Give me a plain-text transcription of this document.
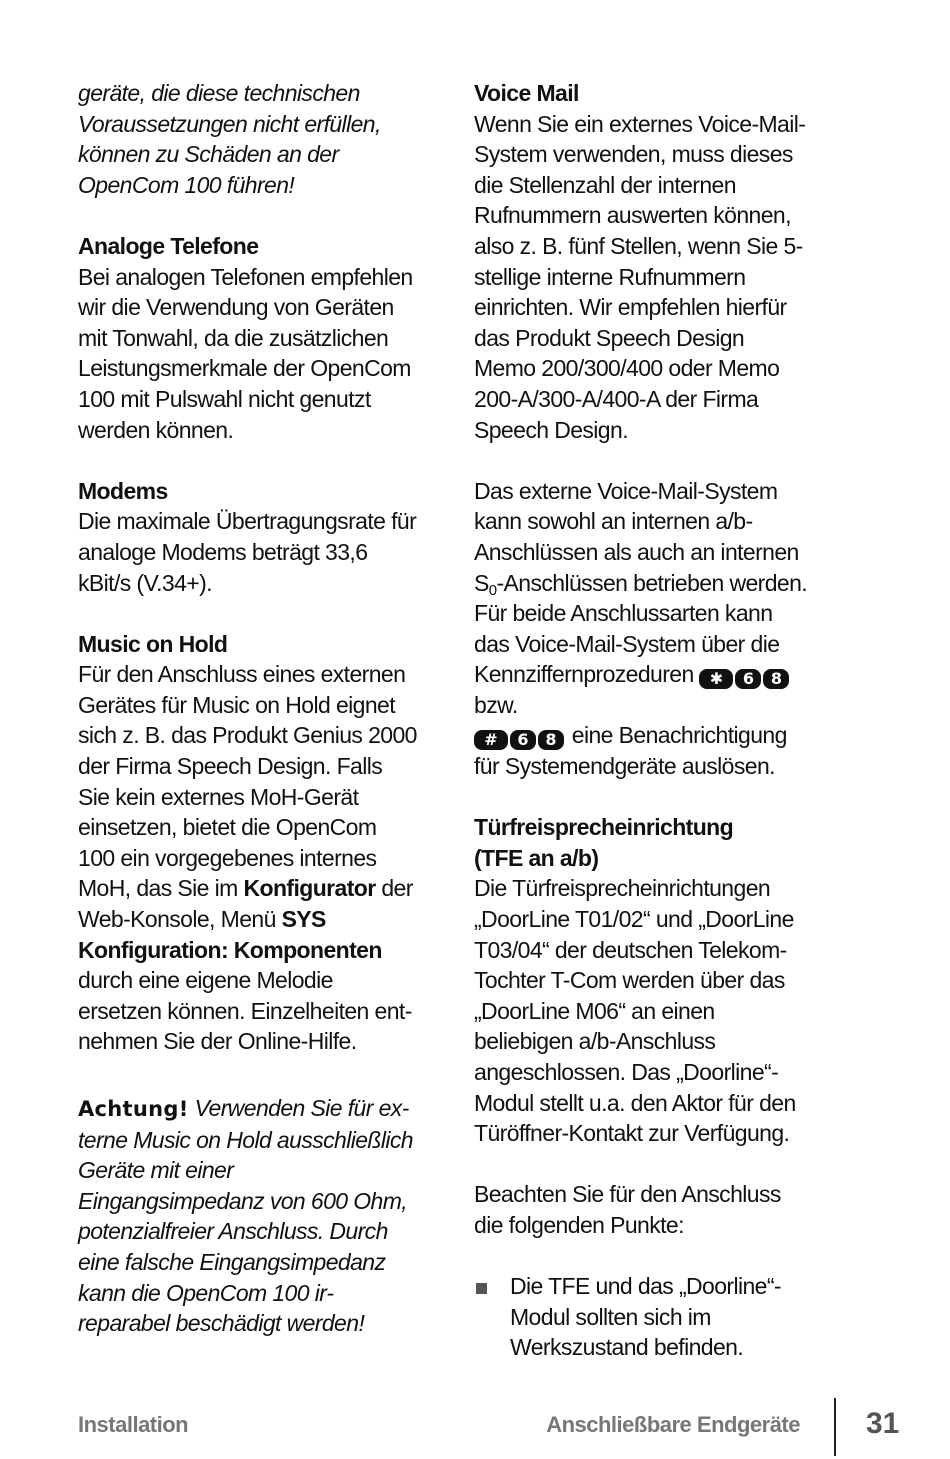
geräte, die diese technischen Voraussetzungen nicht erfüllen, können zu Schäden an der OpenCom 100 führen!

Analoge Telefone

Bei analogen Telefonen empfehlen wir die Verwendung von Geräten mit Tonwahl, da die zusätzlichen Leistungsmerkmale der OpenCom 100 mit Pulswahl nicht genutzt werden können.

Modems

Die maximale Übertragungsrate für analoge Modems beträgt 33,6 kBit/s (V.34+).

Music on Hold

Für den Anschluss eines externen Gerätes für Music on Hold eignet sich z. B. das Produkt Genius 2000 der Firma Speech Design. Falls Sie kein externes MoH-Gerät einsetzen, bietet die OpenCom 100 ein vorgegebenes internes MoH, das Sie im Konfigurator der Web-Konsole, Menü SYS Konfiguration: Komponenten durch eine eigene Melodie ersetzen können. Einzelheiten entnehmen Sie der Online-Hilfe.

Achtung! Verwenden Sie für externe Music on Hold ausschließlich Geräte mit einer Eingangsimpedanz von 600 Ohm, potenzialfreier Anschluss. Durch eine falsche Eingangsimpedanz kann die OpenCom 100 irreparabel beschädigt werden!

Voice Mail

Wenn Sie ein externes Voice-Mail-System verwenden, muss dieses die Stellenzahl der internen Rufnummern auswerten können, also z. B. fünf Stellen, wenn Sie 5-stellige interne Rufnummern einrichten. Wir empfehlen hierfür das Produkt Speech Design Memo 200/300/400 oder Memo 200-A/300-A/400-A der Firma Speech Design.

Das externe Voice-Mail-System kann sowohl an internen a/b-Anschlüssen als auch an internen $S_0$-Anschlüssen betrieben werden. Für beide Anschlussarten kann das Voice-Mail-System über die Kennziffernprozeduren ✱ 6 8 bzw.
# 6 8 eine Benachrichtigung für Systemendgeräte auslösen.

Türfreisprecheinrichtung

(TFE an a/b)

Die Türfreisprecheinrichtungen „DoorLine T01/02“ und „DoorLine T03/04“ der deutschen Telekom-Tochter T-Com werden über das „DoorLine M06“ an einen beliebigen a/b-Anschluss angeschlossen. Das „Doorline“-Modul stellt u.a. den Aktor für den Türöffner-Kontakt zur Verfügung.

Beachten Sie für den Anschluss die folgenden Punkte:

Die TFE und das „Doorline“-Modul sollten sich im Werkszustand befinden.
Installation	Anschließbare Endgeräte 31
